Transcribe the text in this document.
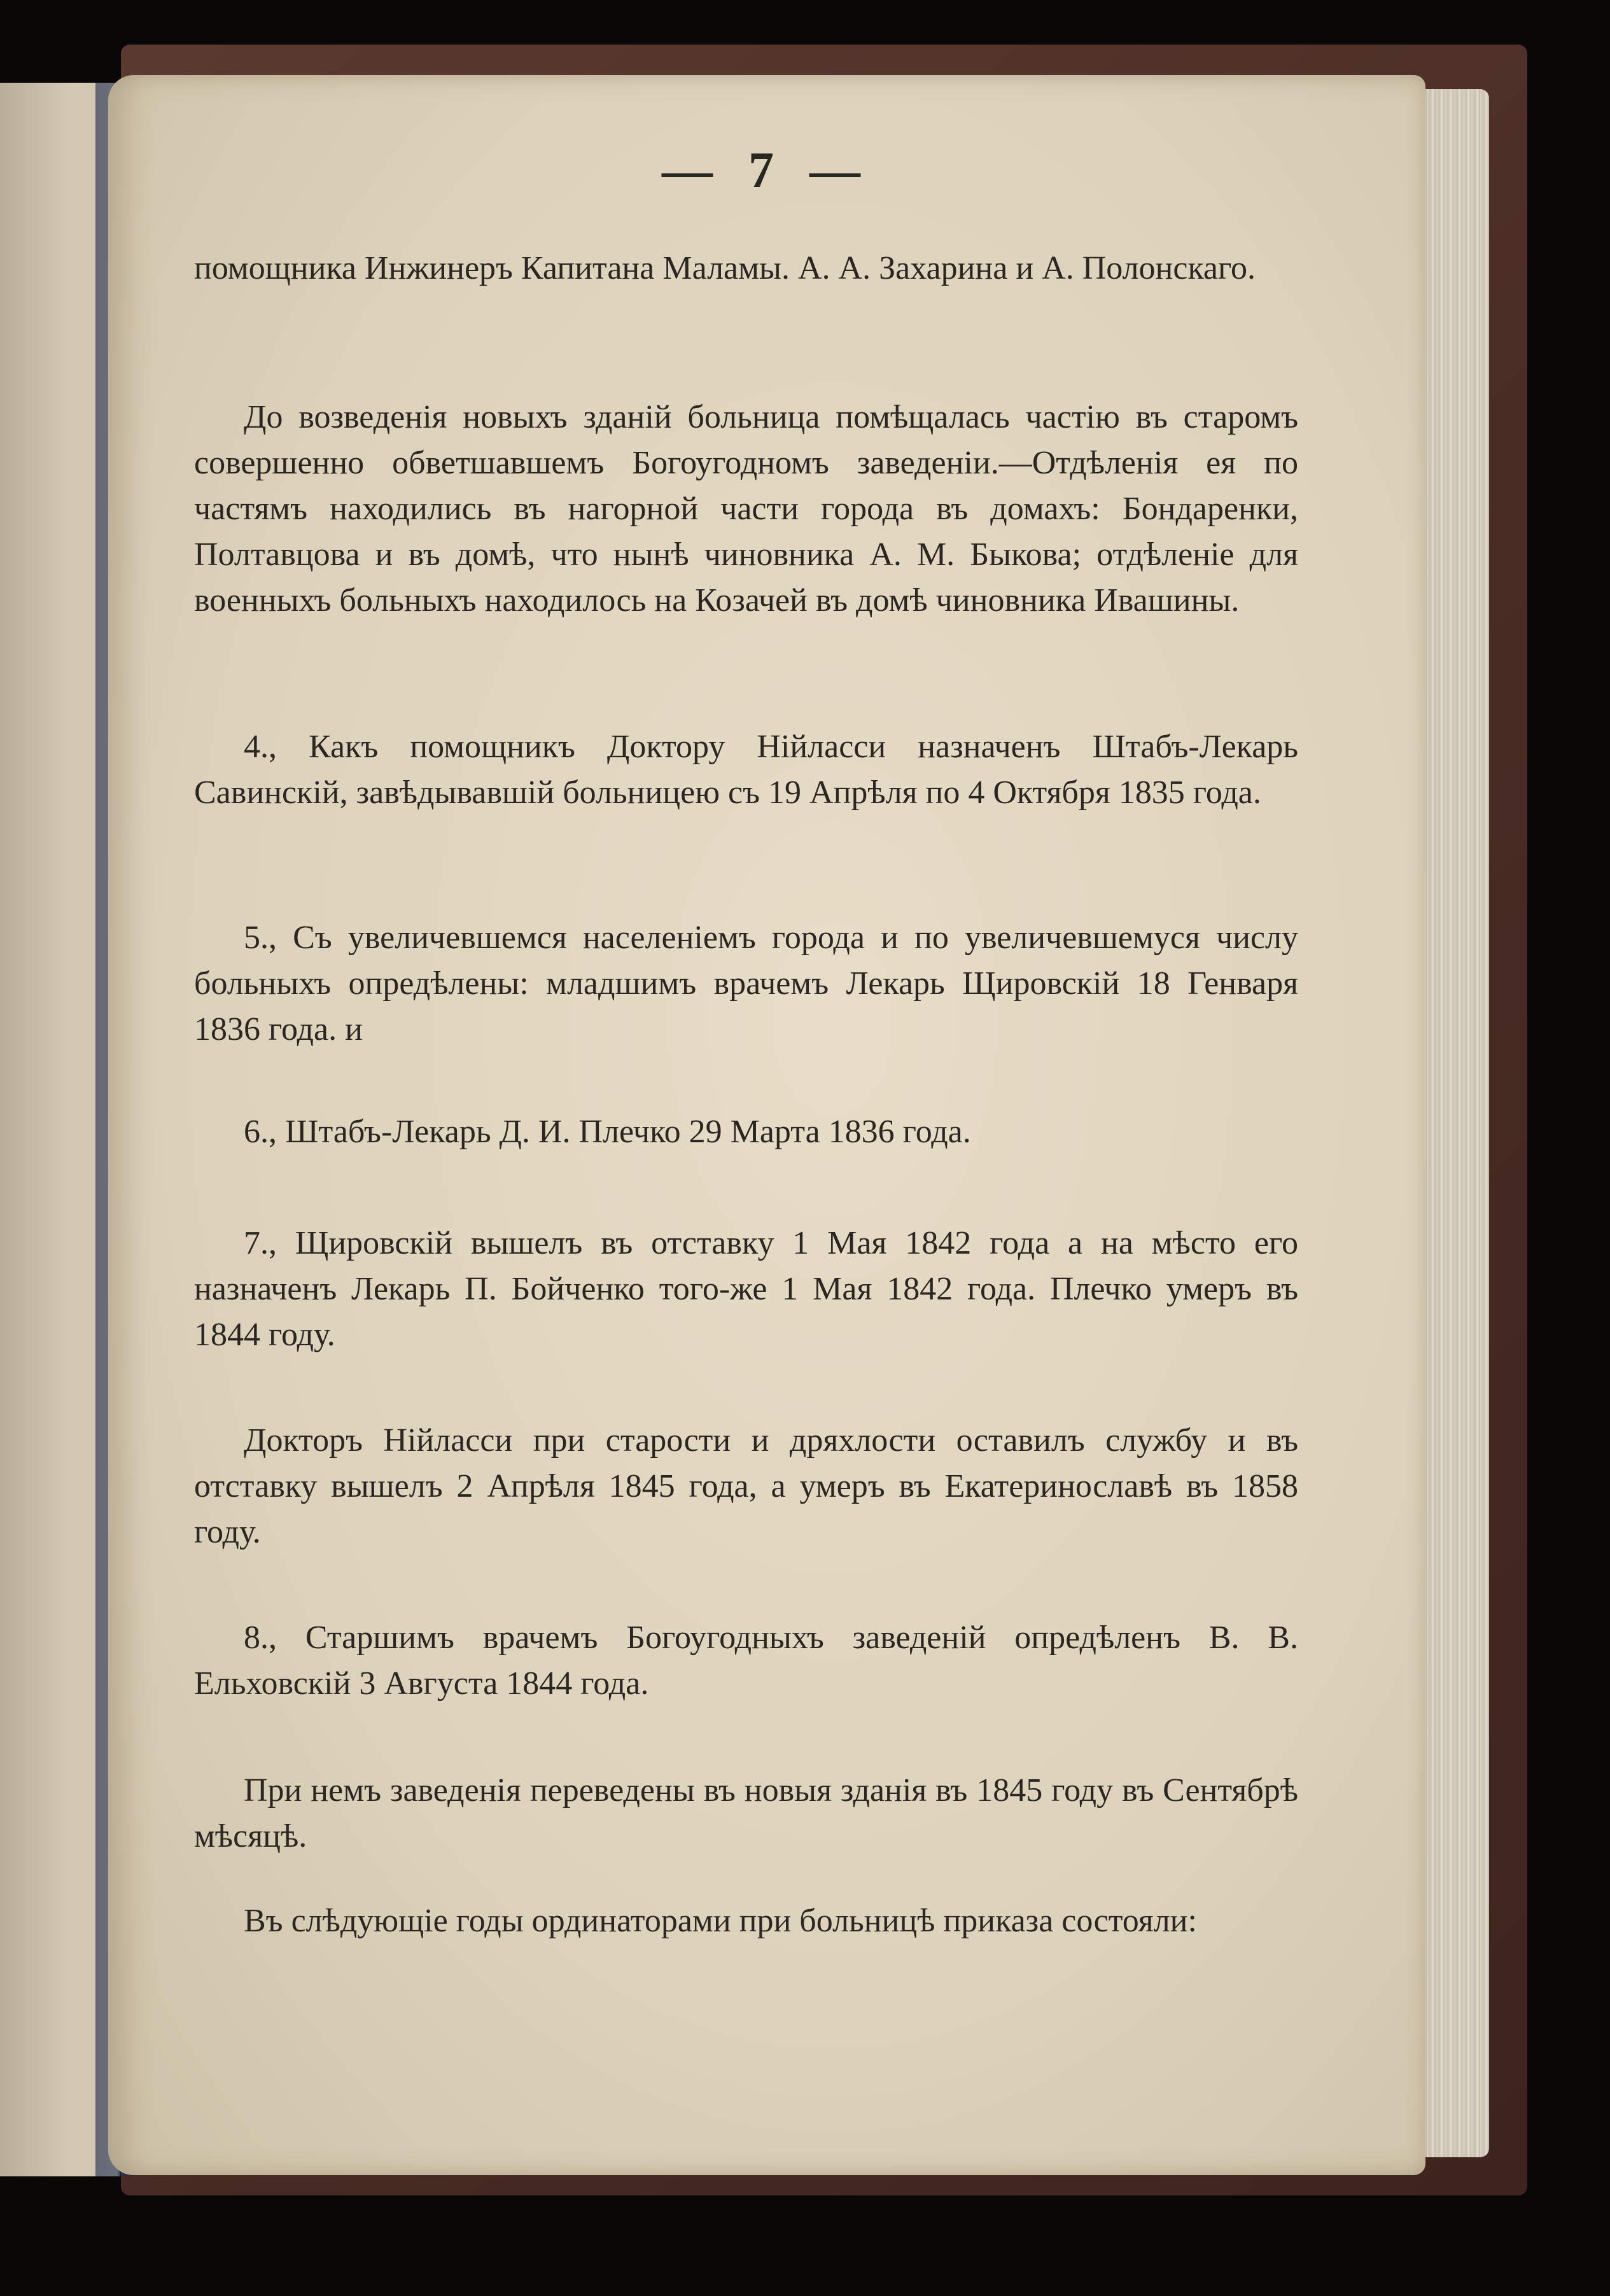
— 7 —

помощника Инжинеръ Капитана Маламы. А. А. Захарина и А. Полонскаго.

До возведенія новыхъ зданій больница помѣщалась частію въ старомъ совершенно обветшавшемъ Богоугодномъ заведеніи.—Отдѣленія ея по частямъ находились въ нагорной части города въ домахъ: Бондаренки, Полтавцова и въ домѣ, что нынѣ чиновника А. М. Быкова; отдѣленіе для военныхъ больныхъ находилось на Козачей въ домѣ чиновника Ивашины.

4., Какъ помощникъ Доктору Нійласси назначенъ Штабъ-Лекарь Савинскій, завѣдывавшій больницею съ 19 Апрѣля по 4 Октября 1835 года.

5., Съ увеличевшемся населеніемъ города и по увеличевшемуся числу больныхъ опредѣлены: младшимъ врачемъ Лекарь Щировскій 18 Генваря 1836 года. и

6., Штабъ-Лекарь Д. И. Плечко 29 Марта 1836 года.

7., Щировскій вышелъ въ отставку 1 Мая 1842 года а на мѣсто его назначенъ Лекарь П. Бойченко того-же 1 Мая 1842 года. Плечко умеръ въ 1844 году.

Докторъ Нійласси при старости и дряхлости оставилъ службу и въ отставку вышелъ 2 Апрѣля 1845 года, а умеръ въ Екатеринославѣ въ 1858 году.

8., Старшимъ врачемъ Богоугодныхъ заведеній опредѣленъ В. В. Ельховскій 3 Августа 1844 года.

При немъ заведенія переведены въ новыя зданія въ 1845 году въ Сентябрѣ мѣсяцѣ.

Въ слѣдующіе годы ординаторами при больницѣ приказа состояли:
